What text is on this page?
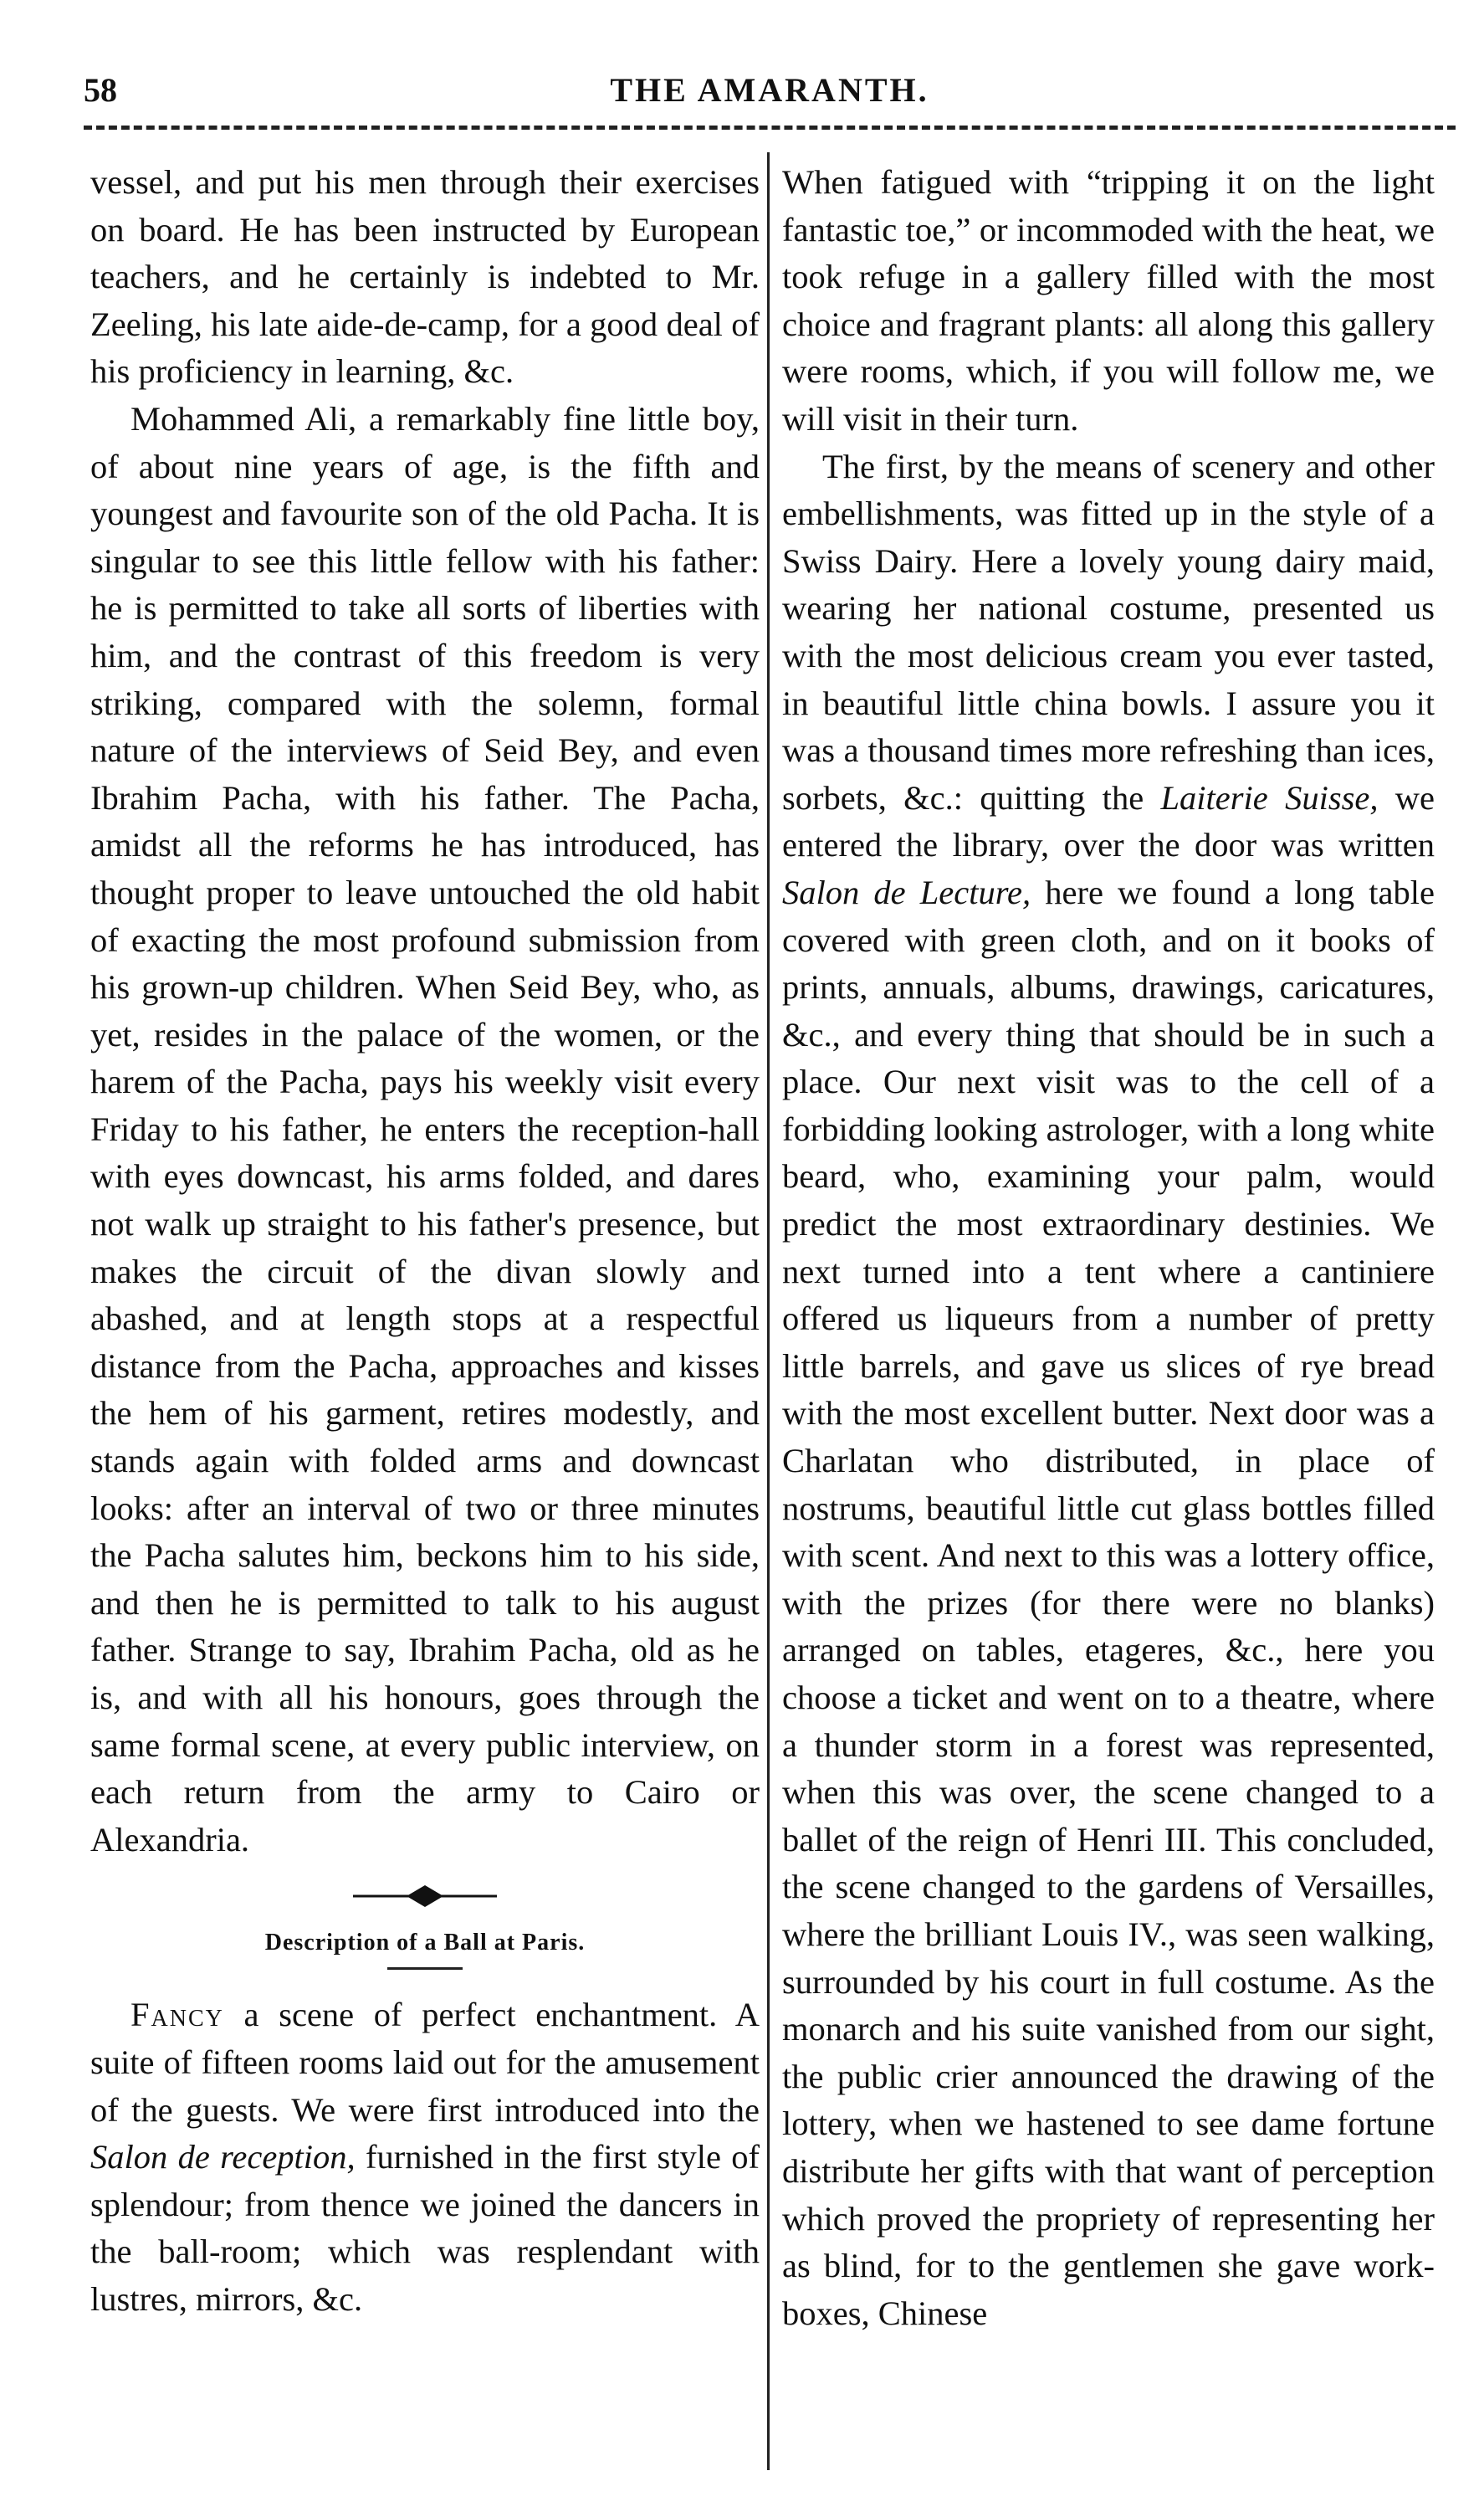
58	THE AMARANTH.

vessel, and put his men through their exercises on board. He has been instructed by European teachers, and he certainly is indebted to Mr. Zeeling, his late aide-de-camp, for a good deal of his proficiency in learning, &c.

Mohammed Ali, a remarkably fine little boy, of about nine years of age, is the fifth and youngest and favourite son of the old Pacha. It is singular to see this little fellow with his father: he is permitted to take all sorts of liberties with him, and the contrast of this freedom is very striking, compared with the solemn, formal nature of the interviews of Seid Bey, and even Ibrahim Pacha, with his father. The Pacha, amidst all the reforms he has introduced, has thought proper to leave untouched the old habit of exacting the most profound submission from his grown-up children. When Seid Bey, who, as yet, resides in the palace of the women, or the harem of the Pacha, pays his weekly visit every Friday to his father, he enters the reception-hall with eyes downcast, his arms folded, and dares not walk up straight to his father's presence, but makes the circuit of the divan slowly and abashed, and at length stops at a respectful distance from the Pacha, approaches and kisses the hem of his garment, retires modestly, and stands again with folded arms and downcast looks: after an interval of two or three minutes the Pacha salutes him, beckons him to his side, and then he is permitted to talk to his august father. Strange to say, Ibrahim Pacha, old as he is, and with all his honours, goes through the same formal scene, at every public interview, on each return from the army to Cairo or Alexandria.

Description of a Ball at Paris.

Fancy a scene of perfect enchantment. A suite of fifteen rooms laid out for the amusement of the guests. We were first introduced into the Salon de reception, furnished in the first style of splendour; from thence we joined the dancers in the ball-room; which was resplendant with lustres, mirrors, &c.

When fatigued with “tripping it on the light fantastic toe,” or incommoded with the heat, we took refuge in a gallery filled with the most choice and fragrant plants: all along this gallery were rooms, which, if you will follow me, we will visit in their turn.

The first, by the means of scenery and other embellishments, was fitted up in the style of a Swiss Dairy. Here a lovely young dairy maid, wearing her national costume, presented us with the most delicious cream you ever tasted, in beautiful little china bowls. I assure you it was a thousand times more refreshing than ices, sorbets, &c.: quitting the Laiterie Suisse, we entered the library, over the door was written Salon de Lecture, here we found a long table covered with green cloth, and on it books of prints, annuals, albums, drawings, caricatures, &c., and every thing that should be in such a place. Our next visit was to the cell of a forbidding looking astrologer, with a long white beard, who, examining your palm, would predict the most extraordinary destinies. We next turned into a tent where a cantiniere offered us liqueurs from a number of pretty little barrels, and gave us slices of rye bread with the most excellent butter. Next door was a Charlatan who distributed, in place of nostrums, beautiful little cut glass bottles filled with scent. And next to this was a lottery office, with the prizes (for there were no blanks) arranged on tables, etageres, &c., here you choose a ticket and went on to a theatre, where a thunder storm in a forest was represented, when this was over, the scene changed to a ballet of the reign of Henri III. This concluded, the scene changed to the gardens of Versailles, where the brilliant Louis IV., was seen walking, surrounded by his court in full costume. As the monarch and his suite vanished from our sight, the public crier announced the drawing of the lottery, when we hastened to see dame fortune distribute her gifts with that want of perception which proved the propriety of representing her as blind, for to the gentlemen she gave work-boxes, Chinese
